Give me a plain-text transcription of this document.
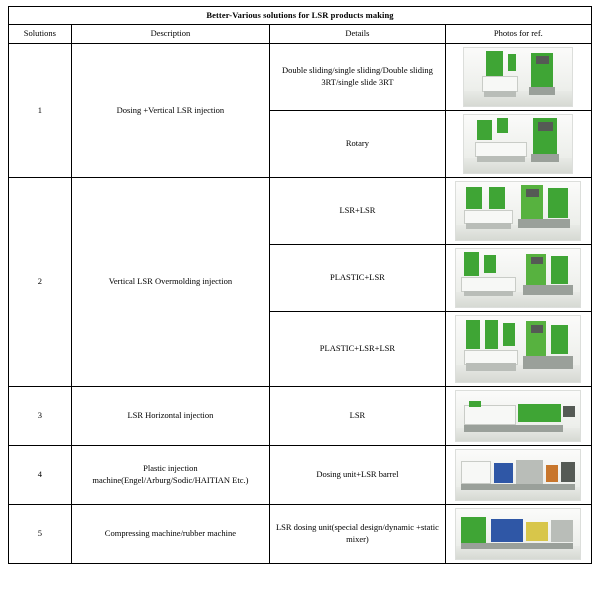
Better-Various solutions for LSR products making			
Solutions	Description	Details	Photos for ref.
1	Dosing +Vertical LSR injection	Double sliding/single sliding/Double sliding 3RT/single slide 3RT	

		Rotary	

2	Vertical LSR Overmolding injection	LSR+LSR	

		PLASTIC+LSR	

		PLASTIC+LSR+LSR	

3	LSR Horizontal injection	LSR	

4	Plastic injection machine(Engel/Arburg/Sodic/HAITIAN Etc.)	Dosing unit+LSR barrel	

5	Compressing machine/rubber machine	LSR dosing unit(special design/dynamic +static mixer)	
